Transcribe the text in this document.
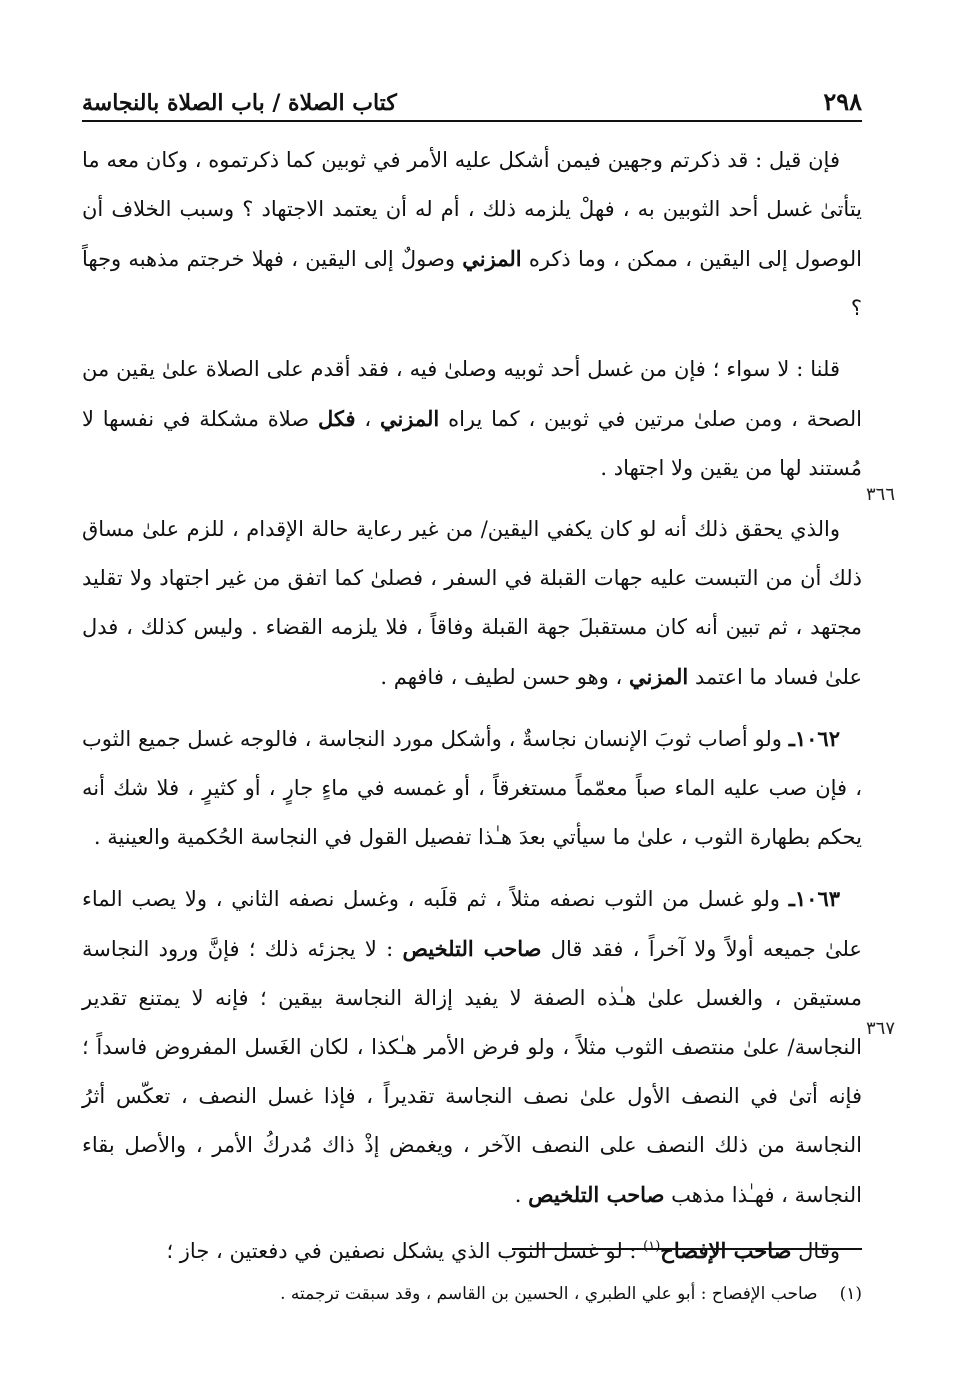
٢٩٨
كتاب الصلاة / باب الصلاة بالنجاسة

فإن قيل : قد ذكرتم وجهين فيمن أشكل عليه الأمر في ثوبين كما ذكرتموه ، وكان معه ما يتأتىٰ غسل أحد الثوبين به ، فهلْ يلزمه ذلك ، أم له أن يعتمد الاجتهاد ؟ وسبب الخلاف أن الوصول إلى اليقين ، ممكن ، وما ذكره المزني وصولٌ إلى اليقين ، فهلا خرجتم مذهبه وجهاً ؟

قلنا : لا سواء ؛ فإن من غسل أحد ثوبيه وصلىٰ فيه ، فقد أقدم على الصلاة علىٰ يقين من الصحة ، ومن صلىٰ مرتين في ثوبين ، كما يراه المزني ، فكل صلاة مشكلة في نفسها لا مُستند لها من يقين ولا اجتهاد .

والذي يحقق ذلك أنه لو كان يكفي اليقين/ من غير رعاية حالة الإقدام ، للزم علىٰ مساق ذلك أن من التبست عليه جهات القبلة في السفر ، فصلىٰ كما اتفق من غير اجتهاد ولا تقليد مجتهد ، ثم تبين أنه كان مستقبلَ جهة القبلة وفاقاً ، فلا يلزمه القضاء . وليس كذلك ، فدل علىٰ فساد ما اعتمد المزني ، وهو حسن لطيف ، فافهم .

١٠٦٢ـ ولو أصاب ثوبَ الإنسان نجاسةٌ ، وأشكل مورد النجاسة ، فالوجه غسل جميع الثوب ، فإن صب عليه الماء صباً معمّماً مستغرقاً ، أو غمسه في ماءٍ جارٍ ، أو كثيرٍ ، فلا شك أنه يحكم بطهارة الثوب ، علىٰ ما سيأتي بعدَ هـٰذا تفصيل القول في النجاسة الحُكمية والعينية .

١٠٦٣ـ ولو غسل من الثوب نصفه مثلاً ، ثم قلَبه ، وغسل نصفه الثاني ، ولا يصب الماء علىٰ جميعه أولاً ولا آخراً ، فقد قال صاحب التلخيص : لا يجزئه ذلك ؛ فإنَّ ورود النجاسة مستيقن ، والغسل علىٰ هـٰذه الصفة لا يفيد إزالة النجاسة بيقين ؛ فإنه لا يمتنع تقدير النجاسة/ علىٰ منتصف الثوب مثلاً ، ولو فرض الأمر هـٰكذا ، لكان الغَسل المفروض فاسداً ؛ فإنه أتىٰ في النصف الأول علىٰ نصف النجاسة تقديراً ، فإذا غسل النصف ، تعكّس أثرُ النجاسة من ذلك النصف على النصف الآخر ، ويغمض إذْ ذاك مُدركُ الأمر ، والأصل بقاء النجاسة ، فهـٰذا مذهب صاحب التلخيص .

وقال صاحب الإفصاح$^{(١)}$ : لو غسل الثوب الذي يشكل نصفين في دفعتين ، جاز ؛

٣٦٦
٣٦٧
(١)صاحب الإفصاح : أبو علي الطبري ، الحسين بن القاسم ، وقد سبقت ترجمته .
